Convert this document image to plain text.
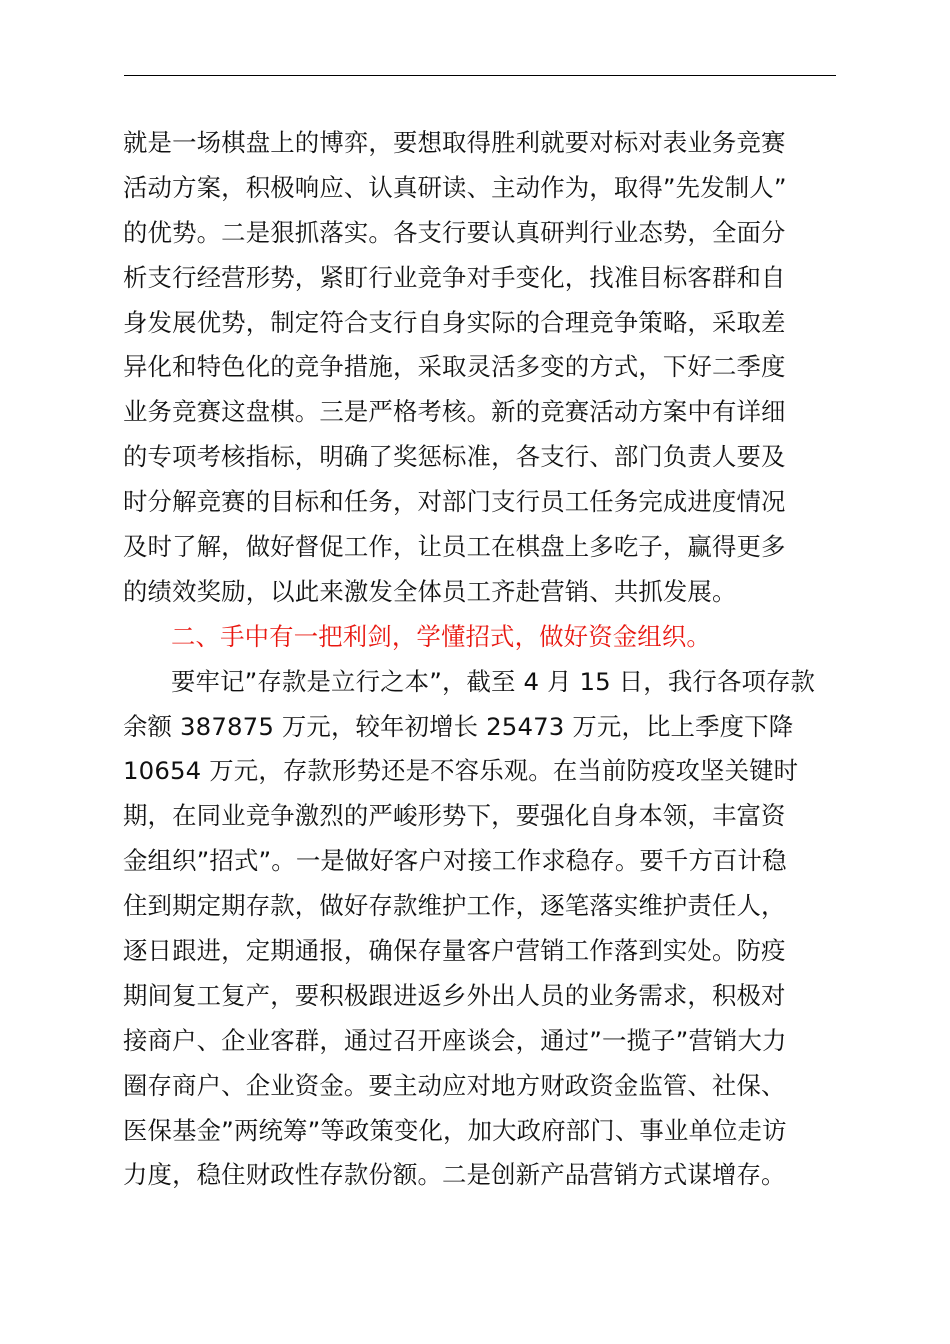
就是一场棋盘上的博弈，要想取得胜利就要对标对表业务竞赛
活动方案，积极响应、认真研读、主动作为，取得”先发制人”
的优势。二是狠抓落实。各支行要认真研判行业态势，全面分
析支行经营形势，紧盯行业竞争对手变化，找准目标客群和自
身发展优势，制定符合支行自身实际的合理竞争策略，采取差
异化和特色化的竞争措施，采取灵活多变的方式，下好二季度
业务竞赛这盘棋。三是严格考核。新的竞赛活动方案中有详细
的专项考核指标，明确了奖惩标准，各支行、部门负责人要及
时分解竞赛的目标和任务，对部门支行员工任务完成进度情况
及时了解，做好督促工作，让员工在棋盘上多吃子，赢得更多
的绩效奖励，以此来激发全体员工齐赴营销、共抓发展。
二、手中有一把利剑，学懂招式，做好资金组织。
要牢记”存款是立行之本”，截至 4 月 15 日，我行各项存款
余额 387875 万元，较年初增长 25473 万元，比上季度下降
10654 万元，存款形势还是不容乐观。在当前防疫攻坚关键时
期，在同业竞争激烈的严峻形势下，要强化自身本领，丰富资
金组织”招式”。一是做好客户对接工作求稳存。要千方百计稳
住到期定期存款，做好存款维护工作，逐笔落实维护责任人，
逐日跟进，定期通报，确保存量客户营销工作落到实处。防疫
期间复工复产，要积极跟进返乡外出人员的业务需求，积极对
接商户、企业客群，通过召开座谈会，通过”一揽子”营销大力
圈存商户、企业资金。要主动应对地方财政资金监管、社保、
医保基金”两统筹”等政策变化，加大政府部门、事业单位走访
力度，稳住财政性存款份额。二是创新产品营销方式谋增存。
